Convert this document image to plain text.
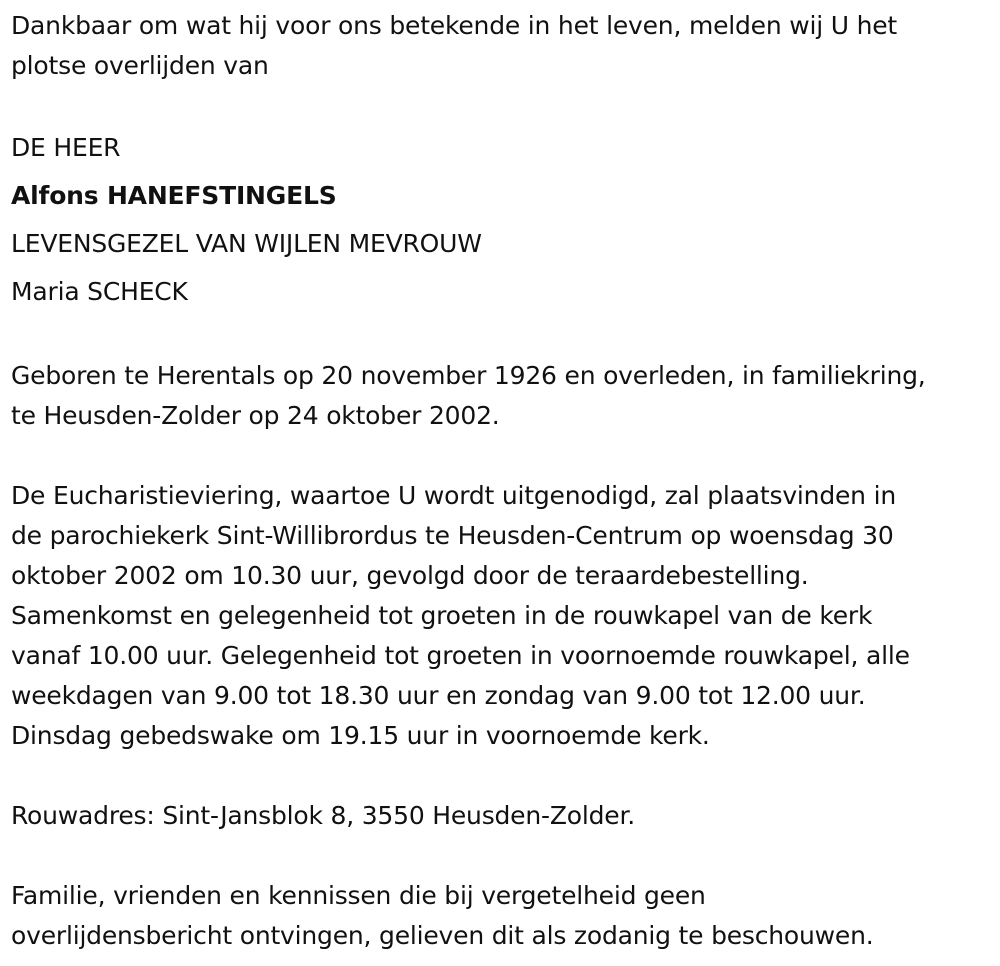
Dankbaar om wat hij voor ons betekende in het leven, melden wij U het
plotse overlijden van
DE HEER
Alfons HANEFSTINGELS
LEVENSGEZEL VAN WIJLEN MEVROUW
Maria SCHECK
Geboren te Herentals op 20 november 1926 en overleden, in familiekring,
te Heusden-Zolder op 24 oktober 2002.
De Eucharistieviering, waartoe U wordt uitgenodigd, zal plaatsvinden in
de parochiekerk Sint-Willibrordus te Heusden-Centrum op woensdag 30
oktober 2002 om 10.30 uur, gevolgd door de teraardebestelling.
Samenkomst en gelegenheid tot groeten in de rouwkapel van de kerk
vanaf 10.00 uur. Gelegenheid tot groeten in voornoemde rouwkapel, alle
weekdagen van 9.00 tot 18.30 uur en zondag van 9.00 tot 12.00 uur.
Dinsdag gebedswake om 19.15 uur in voornoemde kerk.
Rouwadres: Sint-Jansblok 8, 3550 Heusden-Zolder.
Familie, vrienden en kennissen die bij vergetelheid geen
overlijdensbericht ontvingen, gelieven dit als zodanig te beschouwen.
